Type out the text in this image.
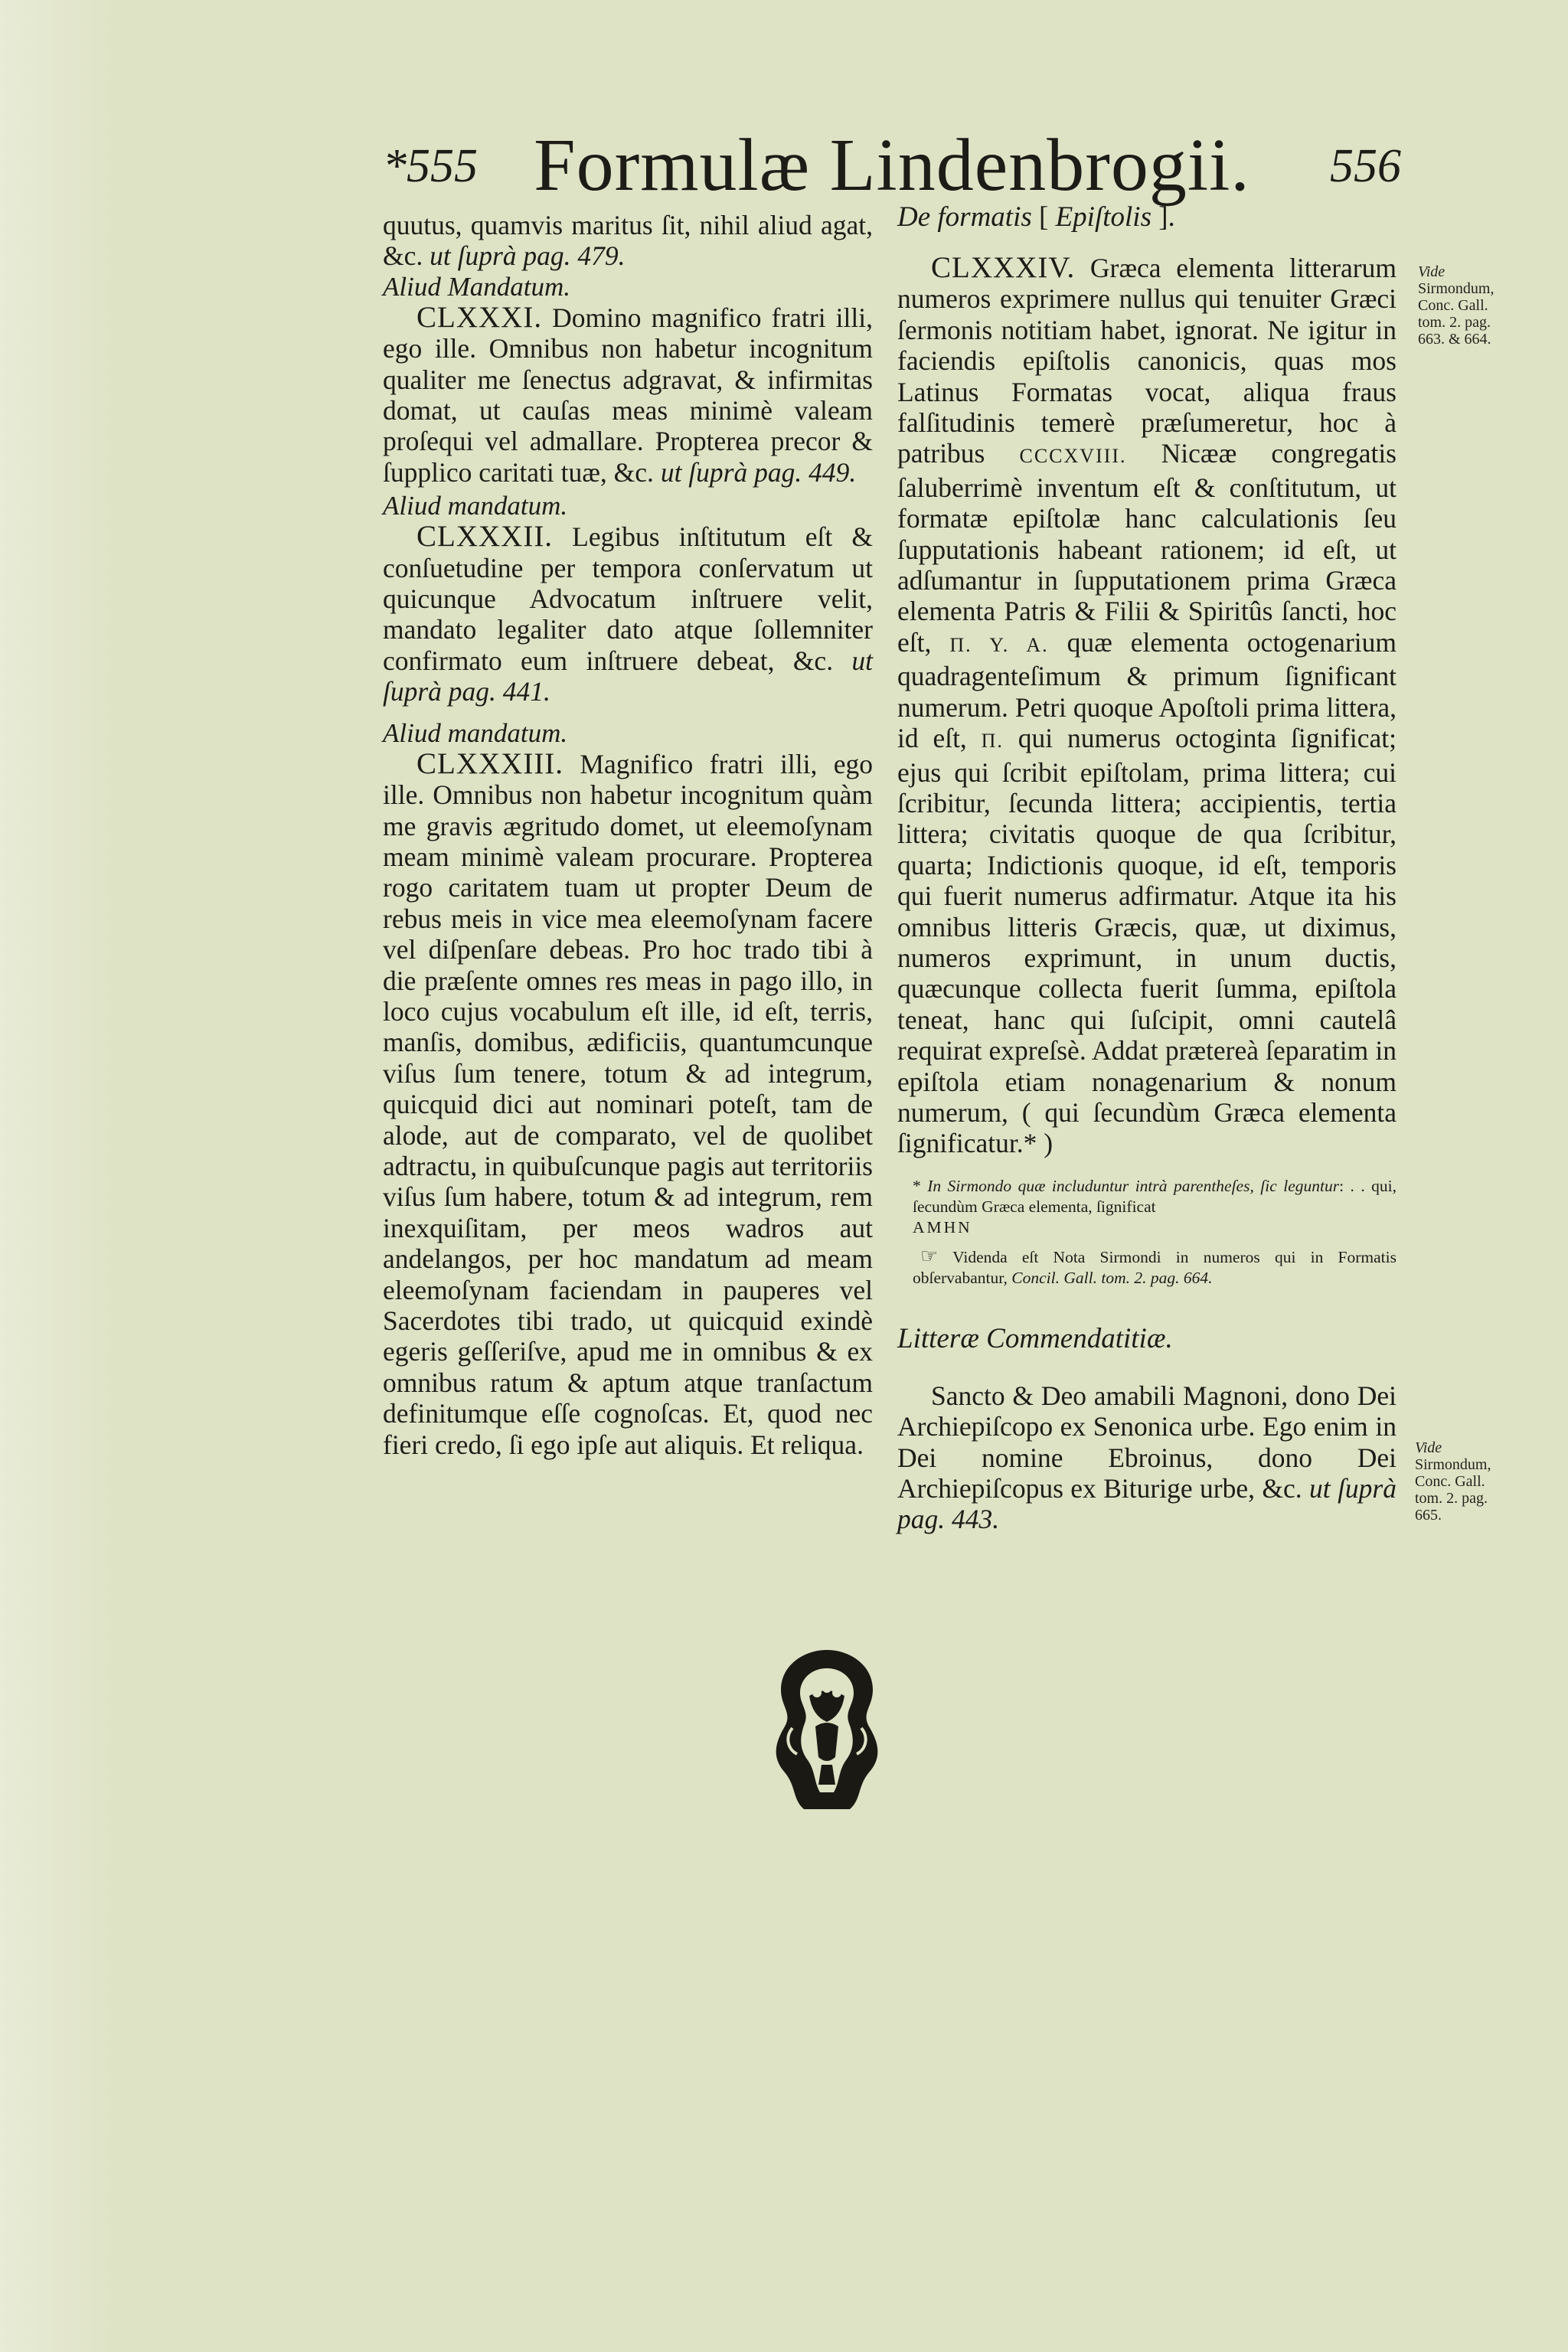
*555 Formulæ Lindenbrogii.	556

quutus, quamvis maritus ſit, nihil aliud agat, &c. ut ſuprà pag. 479.

Aliud Mandatum.

CLXXXI. Domino magnifico fratri illi, ego ille. Omnibus non habetur incognitum qualiter me ſenectus adgravat, & infirmitas domat, ut cauſas meas minimè valeam proſequi vel admallare. Propterea precor & ſupplico caritati tuæ, &c. ut ſuprà pag. 449.

Aliud mandatum.

CLXXXII. Legibus inſtitutum eſt & conſuetudine per tempora conſervatum ut quicunque Advocatum inſtruere velit, mandato legaliter dato atque ſollemniter confirmato eum inſtruere debeat, &c. ut ſuprà pag. 441.

Aliud mandatum.

CLXXXIII. Magnifico fratri illi, ego ille. Omnibus non habetur incognitum quàm me gravis ægritudo domet, ut eleemoſynam meam minimè valeam procurare. Propterea rogo caritatem tuam ut propter Deum de rebus meis in vice mea eleemoſynam facere vel diſpenſare debeas. Pro hoc trado tibi à die præſente omnes res meas in pago illo, in loco cujus vocabulum eſt ille, id eſt, terris, manſis, domibus, ædificiis, quantumcunque viſus ſum tenere, totum & ad integrum, quicquid dici aut nominari poteſt, tam de alode, aut de comparato, vel de quolibet adtractu, in quibuſcunque pagis aut territoriis viſus ſum habere, totum & ad integrum, rem inexquiſitam, per meos wadros aut andelangos, per hoc mandatum ad meam eleemoſynam faciendam in pauperes vel Sacerdotes tibi trado, ut quicquid exindè egeris geſſeriſve, apud me in omnibus & ex omnibus ratum & aptum atque tranſactum definitumque eſſe cognoſcas. Et, quod nec fieri credo, ſi ego ipſe aut aliquis. Et reliqua.

De formatis [ Epiſtolis ].

CLXXXIV. Græca elementa litterarum numeros exprimere nullus qui tenuiter Græci ſermonis notitiam habet, ignorat. Ne igitur in faciendis epiſtolis canonicis, quas mos Latinus Formatas vocat, aliqua fraus falſitudinis temerè præſumeretur, hoc à patribus CCCXVIII. Nicææ congregatis ſaluberrimè inventum eſt & conſtitutum, ut formatæ epiſtolæ hanc calculationis ſeu ſupputationis habeant rationem; id eſt, ut adſumantur in ſupputationem prima Græca elementa Patris & Filii & Spiritûs ſancti, hoc eſt, Π. Υ. Α. quæ elementa octogenarium quadragenteſimum & primum ſignificant numerum. Petri quoque Apoſtoli prima littera, id eſt, Π. qui numerus octoginta ſignificat; ejus qui ſcribit epiſtolam, prima littera; cui ſcribitur, ſecunda littera; accipientis, tertia littera; civitatis quoque de qua ſcribitur, quarta; Indictionis quoque, id eſt, temporis qui fuerit numerus adfirmatur. Atque ita his omnibus litteris Græcis, quæ, ut diximus, numeros exprimunt, in unum ductis, quæcunque collecta fuerit ſumma, epiſtola teneat, hanc qui ſuſcipit, omni cautelâ requirat expreſsè. Addat prætereà ſeparatim in epiſtola etiam nonagenarium & nonum numerum, ( qui ſecundùm Græca elementa ſignificatur.* )

* In Sirmondo quæ includuntur intrà parentheſes, ſic leguntur: . . qui, ſecundùm Græca elementa, ſignificat
ΑΜΗΝ

☞ Videnda eſt Nota Sirmondi in numeros qui in Formatis obſervabantur, Concil. Gall. tom. 2. pag. 664.

Litteræ Commendatitiæ.

Sancto & Deo amabili Magnoni, dono Dei Archiepiſcopo ex Senonica urbe. Ego enim in Dei nomine Ebroinus, dono Dei Archiepiſcopus ex Biturige urbe, &c. ut ſuprà pag. 443.

Vide Sirmondum, Conc. Gall. tom. 2. pag. 663. & 664.
Vide Sirmondum, Conc. Gall. tom. 2. pag. 665.
